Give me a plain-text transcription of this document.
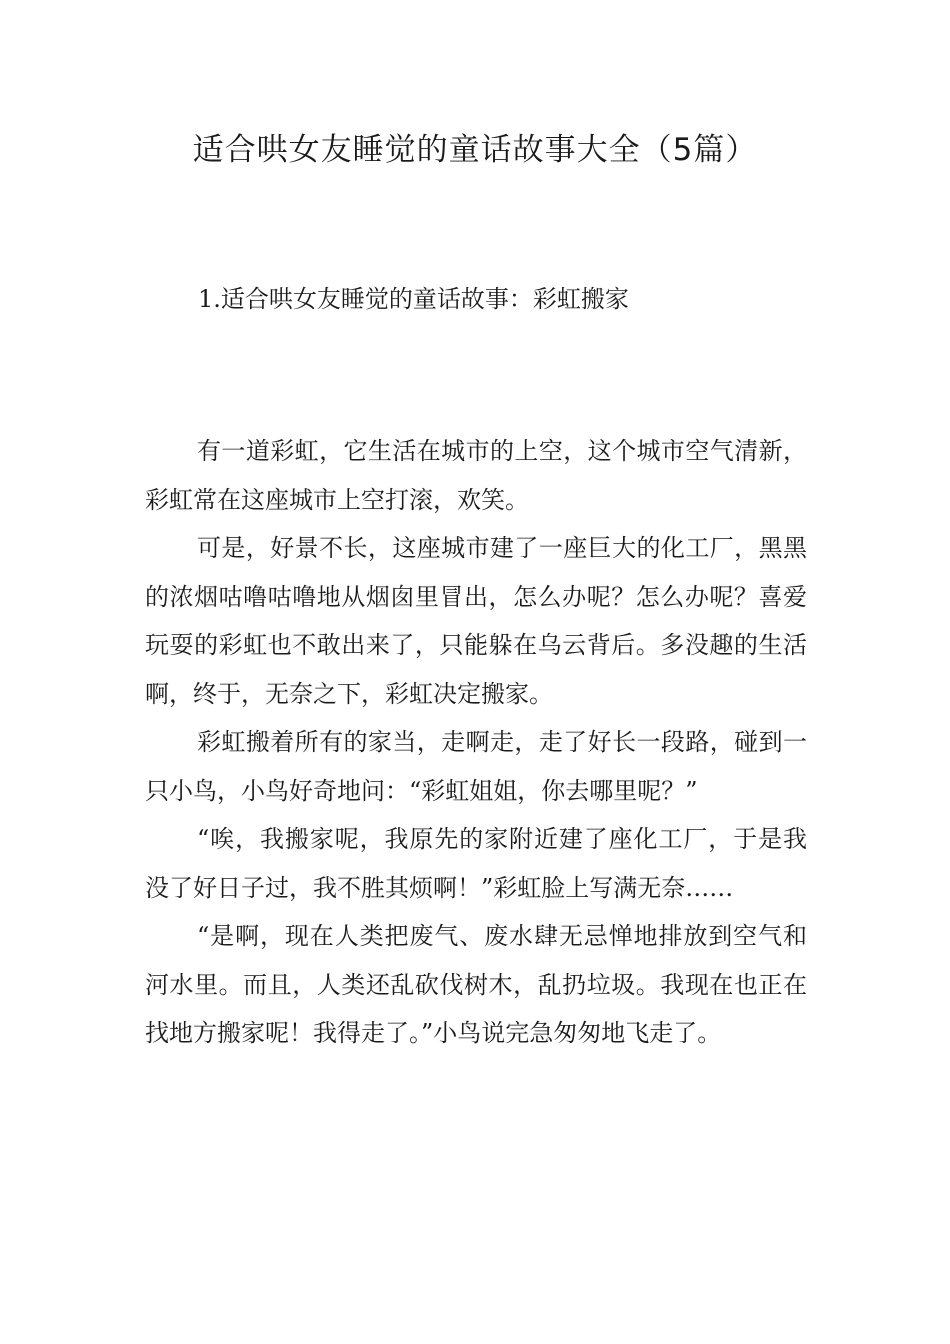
适合哄女友睡觉的童话故事大全（5篇）
1.适合哄女友睡觉的童话故事：彩虹搬家

有一道彩虹，它生活在城市的上空，这个城市空气清新，彩虹常在这座城市上空打滚，欢笑。

可是，好景不长，这座城市建了一座巨大的化工厂，黑黑的浓烟咕噜咕噜地从烟囱里冒出，怎么办呢？怎么办呢？喜爱玩耍的彩虹也不敢出来了，只能躲在乌云背后。多没趣的生活啊，终于，无奈之下，彩虹决定搬家。

彩虹搬着所有的家当，走啊走，走了好长一段路，碰到一只小鸟，小鸟好奇地问：“彩虹姐姐，你去哪里呢？”

“唉，我搬家呢，我原先的家附近建了座化工厂，于是我没了好日子过，我不胜其烦啊！”彩虹脸上写满无奈……

“是啊，现在人类把废气、废水肆无忌惮地排放到空气和河水里。而且，人类还乱砍伐树木，乱扔垃圾。我现在也正在找地方搬家呢！我得走了。”小鸟说完急匆匆地飞走了。
